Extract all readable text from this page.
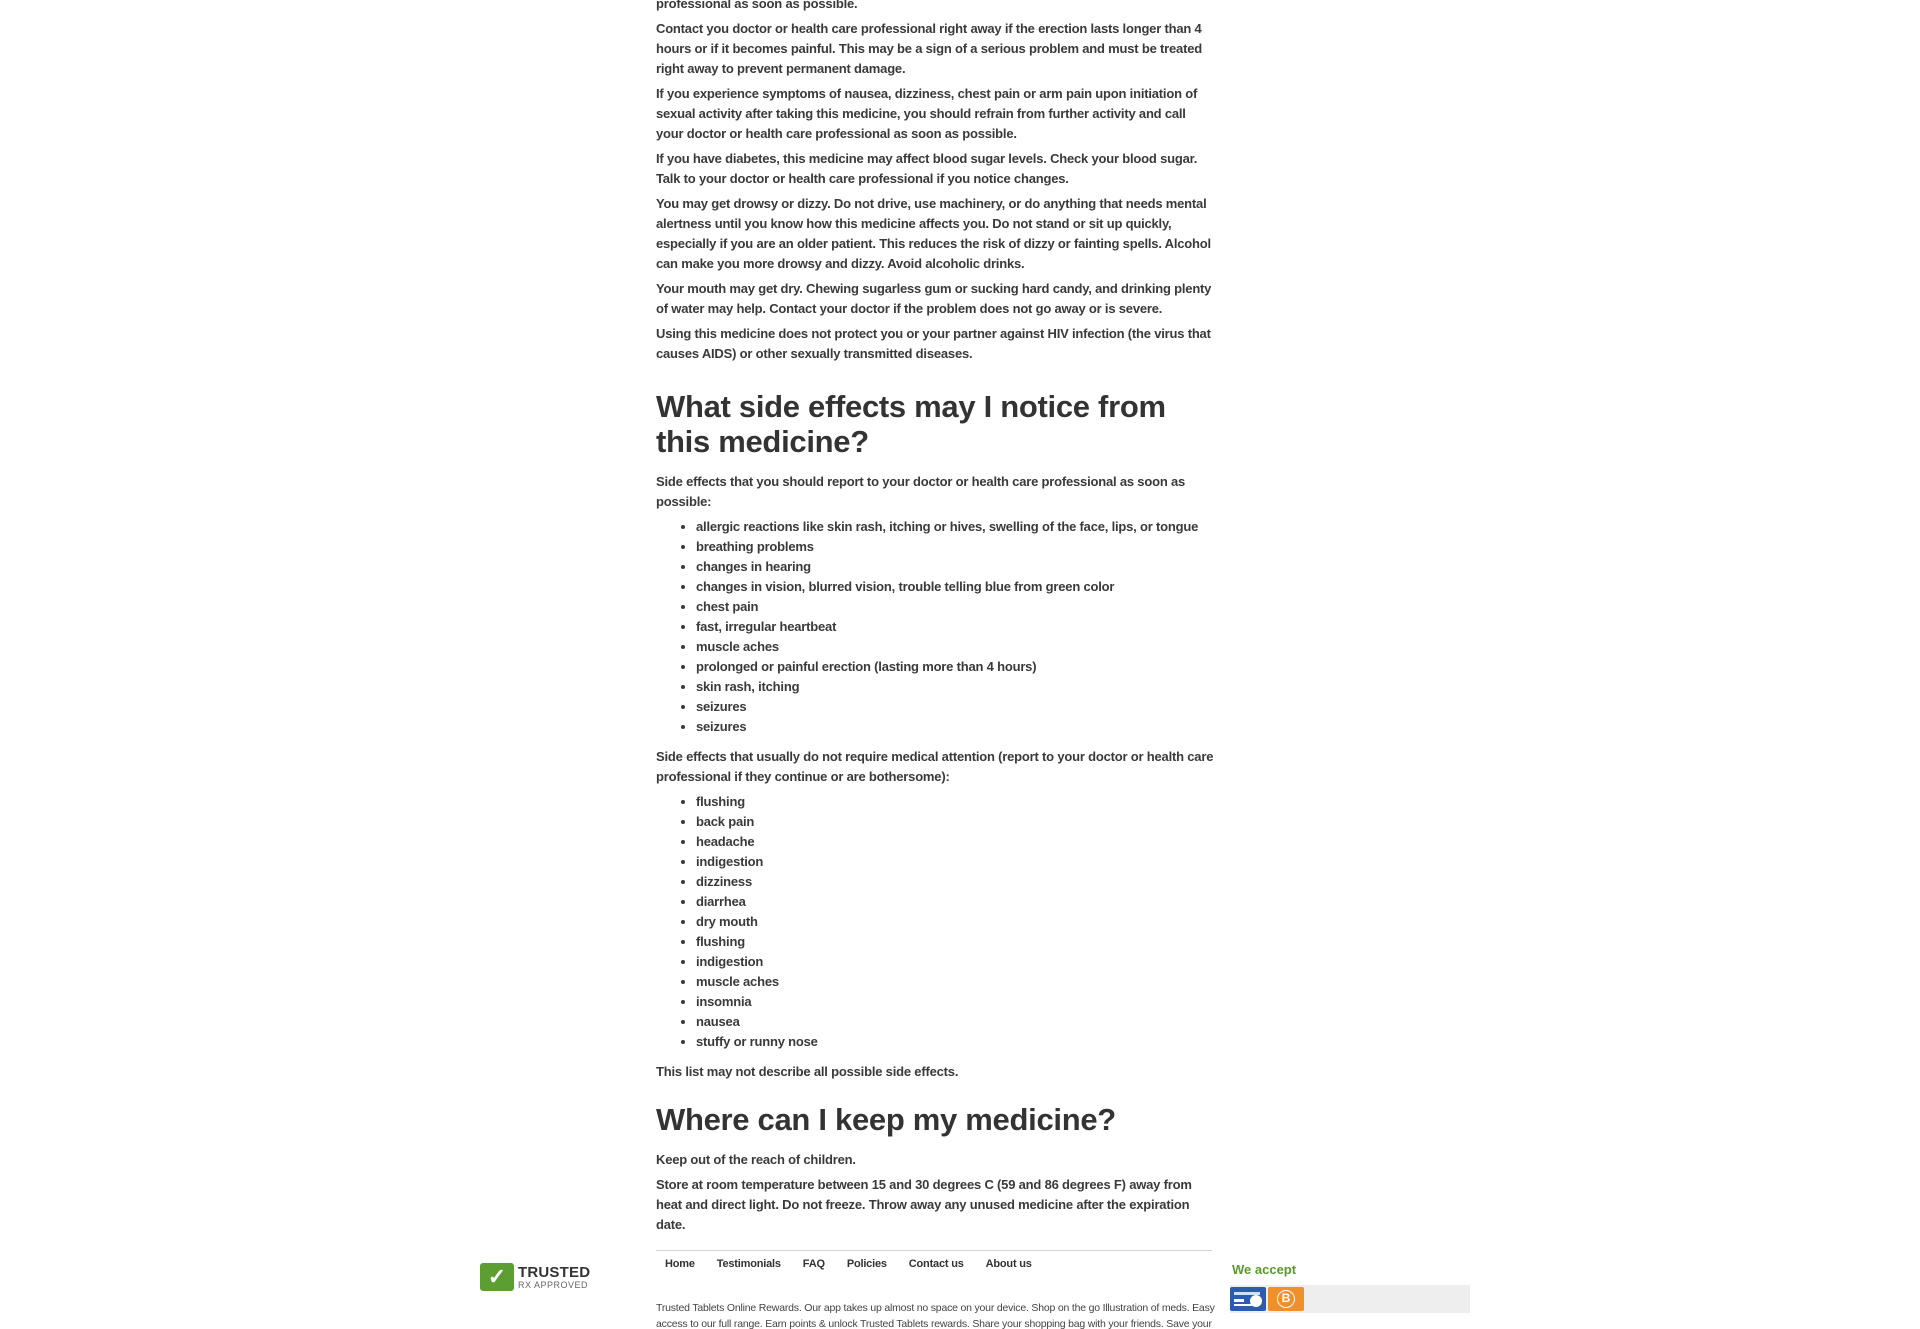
professional as soon as possible.

Contact you doctor or health care professional right away if the erection lasts longer than 4 hours or if it becomes painful. This may be a sign of a serious problem and must be treated right away to prevent permanent damage.

If you experience symptoms of nausea, dizziness, chest pain or arm pain upon initiation of sexual activity after taking this medicine, you should refrain from further activity and call your doctor or health care professional as soon as possible.

If you have diabetes, this medicine may affect blood sugar levels. Check your blood sugar. Talk to your doctor or health care professional if you notice changes.

You may get drowsy or dizzy. Do not drive, use machinery, or do anything that needs mental alertness until you know how this medicine affects you. Do not stand or sit up quickly, especially if you are an older patient. This reduces the risk of dizzy or fainting spells. Alcohol can make you more drowsy and dizzy. Avoid alcoholic drinks.

Your mouth may get dry. Chewing sugarless gum or sucking hard candy, and drinking plenty of water may help. Contact your doctor if the problem does not go away or is severe.

Using this medicine does not protect you or your partner against HIV infection (the virus that causes AIDS) or other sexually transmitted diseases.

What side effects may I notice from this medicine?

Side effects that you should report to your doctor or health care professional as soon as possible:

• allergic reactions like skin rash, itching or hives, swelling of the face, lips, or tongue
• breathing problems
• changes in hearing
• changes in vision, blurred vision, trouble telling blue from green color
• chest pain
• fast, irregular heartbeat
• muscle aches
• prolonged or painful erection (lasting more than 4 hours)
• skin rash, itching
• seizures
• seizures

Side effects that usually do not require medical attention (report to your doctor or health care professional if they continue or are bothersome):

• flushing
• back pain
• headache
• indigestion
• dizziness
• diarrhea
• dry mouth
• flushing
• indigestion
• muscle aches
• insomnia
• nausea
• stuffy or runny nose

This list may not describe all possible side effects.

Where can I keep my medicine?

Keep out of the reach of children.

Store at room temperature between 15 and 30 degrees C (59 and 86 degrees F) away from heat and direct light. Do not freeze. Throw away any unused medicine after the expiration date.

✓ TRUSTED
RX APPROVED
Home Testimonials FAQ Policies Contact us About us
Trusted Tablets Online Rewards. Our app takes up almost no space on your device. Shop on the go Illustration of meds. Easy access to our full range. Earn points & unlock Trusted Tablets rewards. Share your shopping bag with your friends. Save your
We accept
B
